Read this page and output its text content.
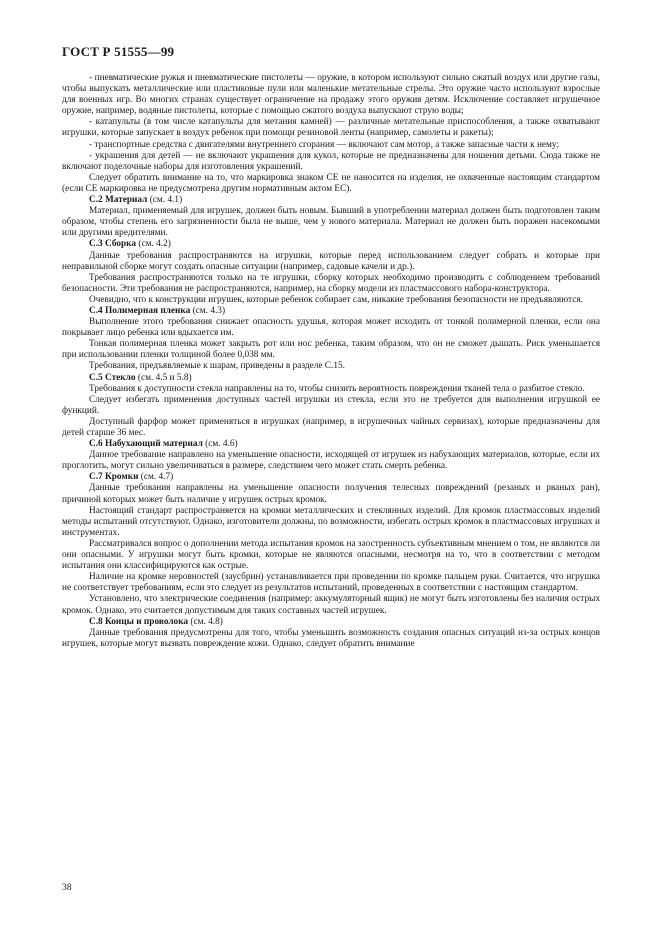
ГОСТ Р 51555—99

- пневматические ружья и пневматические пистолеты — оружие, в котором используют сильно сжатый воздух или другие газы, чтобы выпускать металлические или пластиковые пули или маленькие метательные стрелы. Это оружие часто используют взрослые для военных игр. Во многих странах существует ограничение на продажу этого оружия детям. Исключение составляет игрушечное оружие, например, водяные пистолеты, которые с помощью сжатого воздуха выпускают струю воды;

- катапульты (в том числе катапульты для метания камней) — различные метательные приспособления, а также охватывают игрушки, которые запускает в воздух ребенок при помощи резиновой ленты (например, самолеты и ракеты);

- транспортные средства с двигателями внутреннего сгорания — включают сам мотор, а также запасные части к нему;

- украшения для детей — не включают украшения для кукол, которые не предназначены для ношения детьми. Сюда также не включают поделочные наборы для изготовления украшений.

Следует обратить внимание на то, что маркировка знаком СЕ не наносится на изделия, не охваченные настоящим стандартом (если СЕ маркировка не предусмотрена другим нормативным актом ЕС).

С.2 Материал (см. 4.1)

Материал, применяемый для игрушек, должен быть новым. Бывший в употреблении материал должен быть подготовлен таким образом, чтобы степень его загрязненности была не выше, чем у нового материала. Материал не должен быть поражен насекомыми или другими вредителями.

С.3 Сборка (см. 4.2)

Данные требования распространяются на игрушки, которые перед использованием следует собрать и которые при неправильной сборке могут создать опасные ситуации (например, садовые качели и др.).

Требования распространяются только на те игрушки, сборку которых необходимо производить с соблюдением требований безопасности. Эти требования не распространяются, например, на сборку модели из пластмассового набора-конструктора.

Очевидно, что к конструкции игрушек, которые ребенок собирает сам, никакие требования безопасности не предъявляются.

С.4 Полимерная пленка (см. 4.3)

Выполнение этого требования снижает опасность удушья, которая может исходить от тонкой полимерной пленки, если она покрывает лицо ребенка или вдыхается им.

Тонкая полимерная пленка может закрыть рот или нос ребенка, таким образом, что он не сможет дышать. Риск уменьшается при использовании пленки толщиной более 0,038 мм.

Требования, предъявляемые к шарам, приведены в разделе С.15.

С.5 Стекло (см. 4.5 и 5.8)

Требования к доступности стекла направлены на то, чтобы снизить вероятность повреждения тканей тела о разбитое стекло.

Следует избегать применения доступных частей игрушки из стекла, если это не требуется для выполнения игрушкой ее функций.

Доступный фарфор может применяться в игрушках (например, в игрушечных чайных сервизах), которые предназначены для детей старше 36 мес.

С.6 Набухающий материал (см. 4.6)

Данное требование направлено на уменьшение опасности, исходящей от игрушек из набухающих материалов, которые, если их проглотить, могут сильно увеличиваться в размере, следствием чего может стать смерть ребенка.

С.7 Кромки (см. 4.7)

Данные требования направлены на уменьшение опасности получения телесных повреждений (резаных и рваных ран), причиной которых может быть наличие у игрушек острых кромок.

Настоящий стандарт распространяется на кромки металлических и стеклянных изделий. Для кромок пластмассовых изделий методы испытаний отсутствуют. Однако, изготовители должны, по возможности, избегать острых кромок в пластмассовых игрушках и инструментах.

Рассматривался вопрос о дополнении метода испытания кромок на заостренность субъективным мнением о том, не являются ли они опасными. У игрушки могут быть кромки, которые не являются опасными, несмотря на то, что в соответствии с методом испытания они классифицируются как острые.

Наличие на кромке неровностей (заусбрин) устанавливается при проведении по кромке пальцем руки. Считается, что игрушка не соответствует требованиям, если это следует из результатов испытаний, проведенных в соответствии с настоящим стандартом.

Установлено, что электрические соединения (например: аккумуляторный ящик) не могут быть изготовлены без наличия острых кромок. Однако, это считается допустимым для таких составных частей игрушек.

С.8 Концы и проволока (см. 4.8)

Данные требования предусмотрены для того, чтобы уменьшить возможность создания опасных ситуаций из-за острых концов игрушек, которые могут вызвать повреждение кожи. Однако, следует обратить внимание

38
